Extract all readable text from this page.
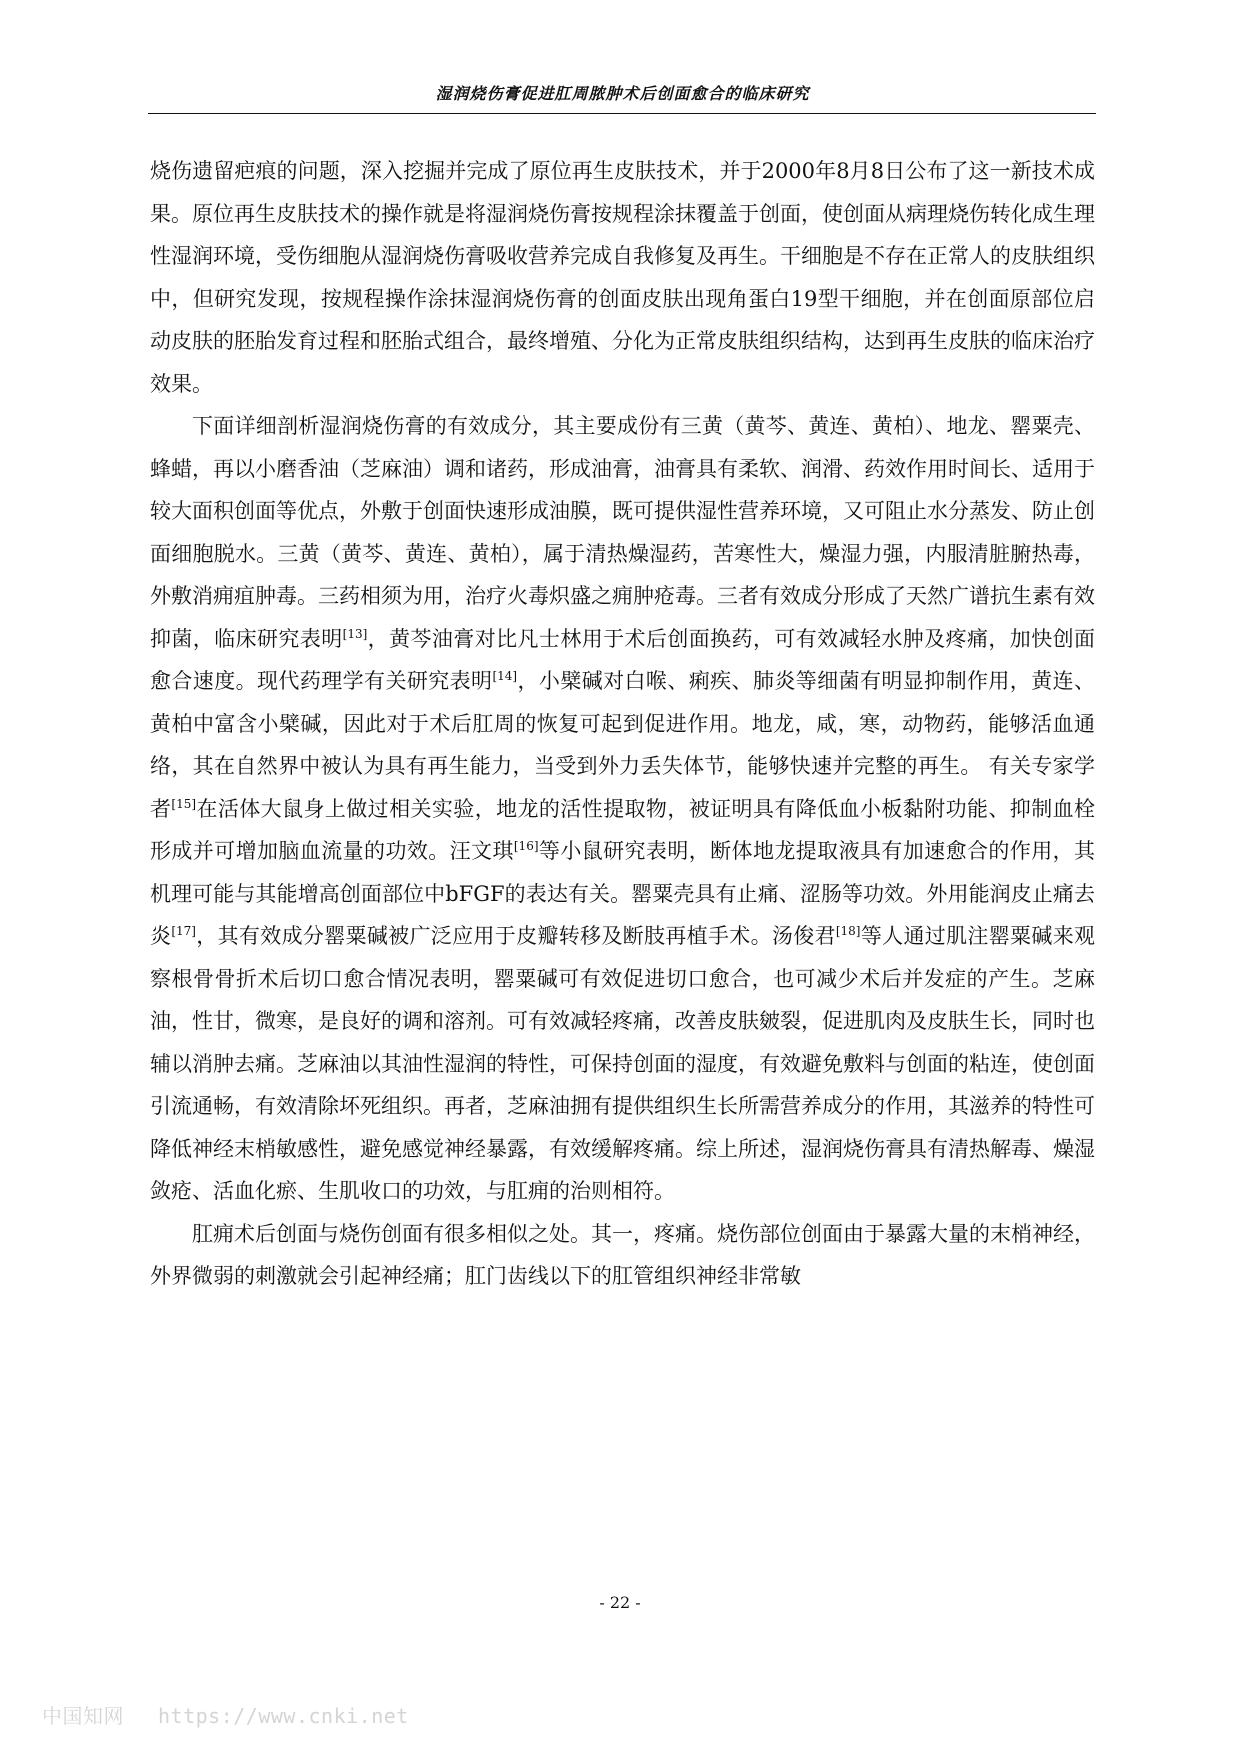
湿润烧伤膏促进肛周脓肿术后创面愈合的临床研究

烧伤遗留疤痕的问题，深入挖掘并完成了原位再生皮肤技术，并于2000年8月8日公布了这一新技术成果。原位再生皮肤技术的操作就是将湿润烧伤膏按规程涂抹覆盖于创面，使创面从病理烧伤转化成生理性湿润环境，受伤细胞从湿润烧伤膏吸收营养完成自我修复及再生。干细胞是不存在正常人的皮肤组织中，但研究发现，按规程操作涂抹湿润烧伤膏的创面皮肤出现角蛋白19型干细胞，并在创面原部位启动皮肤的胚胎发育过程和胚胎式组合，最终增殖、分化为正常皮肤组织结构，达到再生皮肤的临床治疗效果。

下面详细剖析湿润烧伤膏的有效成分，其主要成份有三黄（黄芩、黄连、黄柏）、地龙、罂粟壳、蜂蜡，再以小磨香油（芝麻油）调和诸药，形成油膏，油膏具有柔软、润滑、药效作用时间长、适用于较大面积创面等优点，外敷于创面快速形成油膜，既可提供湿性营养环境，又可阻止水分蒸发、防止创面细胞脱水。三黄（黄芩、黄连、黄柏），属于清热燥湿药，苦寒性大，燥湿力强，内服清脏腑热毒，外敷消痈疽肿毒。三药相须为用，治疗火毒炽盛之痈肿疮毒。三者有效成分形成了天然广谱抗生素有效抑菌，临床研究表明[13]，黄芩油膏对比凡士林用于术后创面换药，可有效减轻水肿及疼痛，加快创面愈合速度。现代药理学有关研究表明[14]，小檗碱对白喉、痢疾、肺炎等细菌有明显抑制作用，黄连、黄柏中富含小檗碱，因此对于术后肛周的恢复可起到促进作用。地龙，咸，寒，动物药，能够活血通络，其在自然界中被认为具有再生能力，当受到外力丢失体节，能够快速并完整的再生。 有关专家学者[15]在活体大鼠身上做过相关实验，地龙的活性提取物，被证明具有降低血小板黏附功能、抑制血栓形成并可增加脑血流量的功效。汪文琪[16]等小鼠研究表明，断体地龙提取液具有加速愈合的作用，其机理可能与其能增高创面部位中bFGF的表达有关。罂粟壳具有止痛、涩肠等功效。外用能润皮止痛去炎[17]，其有效成分罂粟碱被广泛应用于皮瓣转移及断肢再植手术。汤俊君[18]等人通过肌注罂粟碱来观察根骨骨折术后切口愈合情况表明，罂粟碱可有效促进切口愈合，也可减少术后并发症的产生。芝麻油，性甘，微寒，是良好的调和溶剂。可有效减轻疼痛，改善皮肤皴裂，促进肌肉及皮肤生长，同时也辅以消肿去痛。芝麻油以其油性湿润的特性，可保持创面的湿度，有效避免敷料与创面的粘连，使创面引流通畅，有效清除坏死组织。再者，芝麻油拥有提供组织生长所需营养成分的作用，其滋养的特性可降低神经末梢敏感性，避免感觉神经暴露，有效缓解疼痛。综上所述，湿润烧伤膏具有清热解毒、燥湿敛疮、活血化瘀、生肌收口的功效，与肛痈的治则相符。

肛痈术后创面与烧伤创面有很多相似之处。其一，疼痛。烧伤部位创面由于暴露大量的末梢神经，外界微弱的刺激就会引起神经痛；肛门齿线以下的肛管组织神经非常敏

- 22 -
中国知网 https://www.cnki.net
